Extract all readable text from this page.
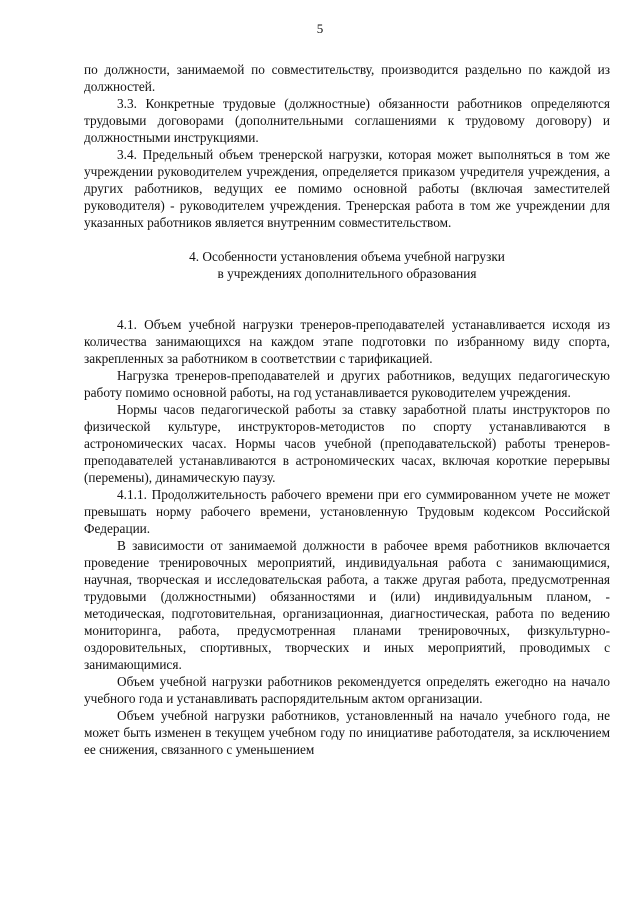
5

по должности, занимаемой по совместительству, производится раздельно по каждой из должностей.

3.3. Конкретные трудовые (должностные) обязанности работников определяются трудовыми договорами (дополнительными соглашениями к трудовому договору) и должностными инструкциями.

3.4. Предельный объем тренерской нагрузки, которая может выполняться в том же учреждении руководителем учреждения, определяется приказом учредителя учреждения, а других работников, ведущих ее помимо основной работы (включая заместителей руководителя) - руководителем учреждения. Тренерская работа в том же учреждении для указанных работников является внутренним совместительством.

4. Особенности установления объема учебной нагрузки
в учреждениях дополнительного образования

4.1. Объем учебной нагрузки тренеров-преподавателей устанавливается исходя из количества занимающихся на каждом этапе подготовки по избранному виду спорта, закрепленных за работником в соответствии с тарификацией.

Нагрузка тренеров-преподавателей и других работников, ведущих педагогическую работу помимо основной работы, на год устанавливается руководителем учреждения.

Нормы часов педагогической работы за ставку заработной платы инструкторов по физической культуре, инструкторов-методистов по спорту устанавливаются в астрономических часах. Нормы часов учебной (преподавательской) работы тренеров-преподавателей устанавливаются в астрономических часах, включая короткие перерывы (перемены), динамическую паузу.

4.1.1. Продолжительность рабочего времени при его суммированном учете не может превышать норму рабочего времени, установленную Трудовым кодексом Российской Федерации.

В зависимости от занимаемой должности в рабочее время работников включается проведение тренировочных мероприятий, индивидуальная работа с занимающимися, научная, творческая и исследовательская работа, а также другая работа, предусмотренная трудовыми (должностными) обязанностями и (или) индивидуальным планом, - методическая, подготовительная, организационная, диагностическая, работа по ведению мониторинга, работа, предусмотренная планами тренировочных, физкультурно-оздоровительных, спортивных, творческих и иных мероприятий, проводимых с занимающимися.

Объем учебной нагрузки работников рекомендуется определять ежегодно на начало учебного года и устанавливать распорядительным актом организации.

Объем учебной нагрузки работников, установленный на начало учебного года, не может быть изменен в текущем учебном году по инициативе работодателя, за исключением ее снижения, связанного с уменьшением
